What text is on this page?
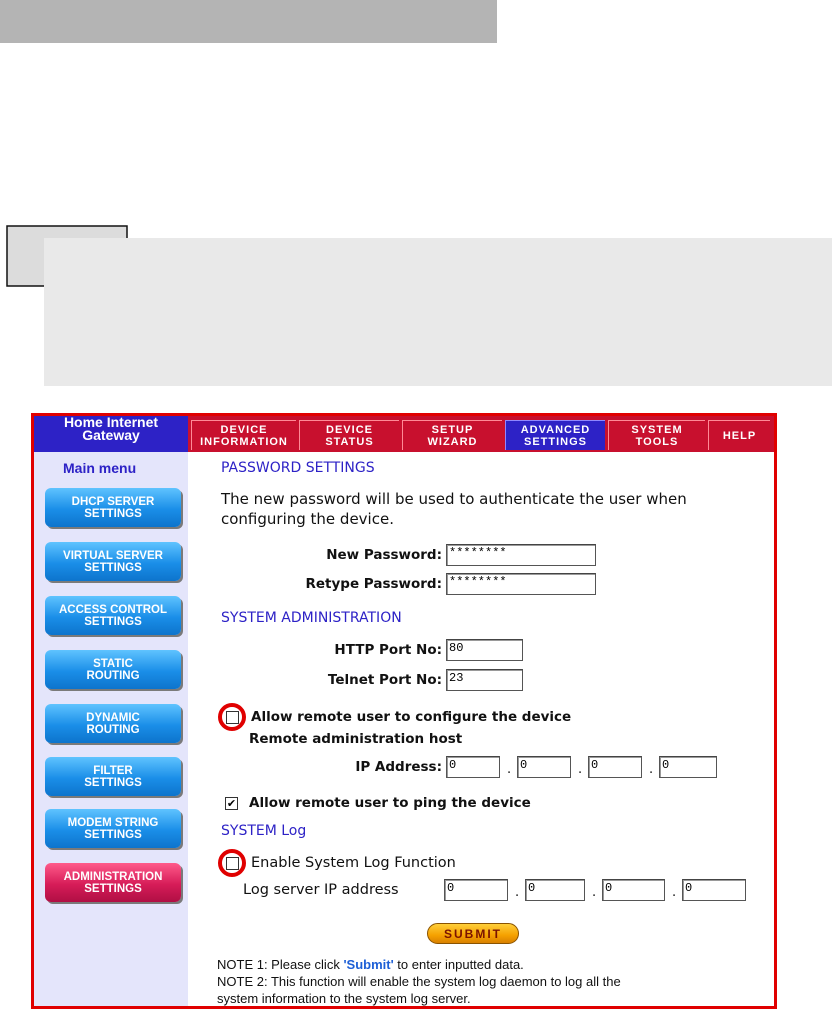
Home Internet
Gateway	DEVICE
INFORMATION
DEVICE
STATUS
SETUP
WIZARD
ADVANCED
SETTINGS
SYSTEM
TOOLS	HELP
Main menu
DHCP SERVER
SETTINGS
VIRTUAL SERVER
SETTINGS
ACCESS CONTROL
SETTINGS
STATIC
ROUTING
DYNAMIC
ROUTING
FILTER
SETTINGS
MODEM STRING
SETTINGS
ADMINISTRATION
SETTINGS
PASSWORD SETTINGS
The new password will be used to authenticate the user when configuring the device.
New Password: ********
Retype Password: ********
SYSTEM ADMINISTRATION
HTTP Port No: 80
Telnet Port No: 23
Allow remote user to configure the device
Remote administration host
IP Address: 0	. 0	. 0	. 0
✔ Allow remote user to ping the device
SYSTEM Log
Enable System Log Function
Log server IP address	0	. 0	. 0	. 0
SUBMIT
NOTE 1: Please click 'Submit' to enter inputted data.
NOTE 2: This function will enable the system log daemon to log all the
system information to the system log server.
